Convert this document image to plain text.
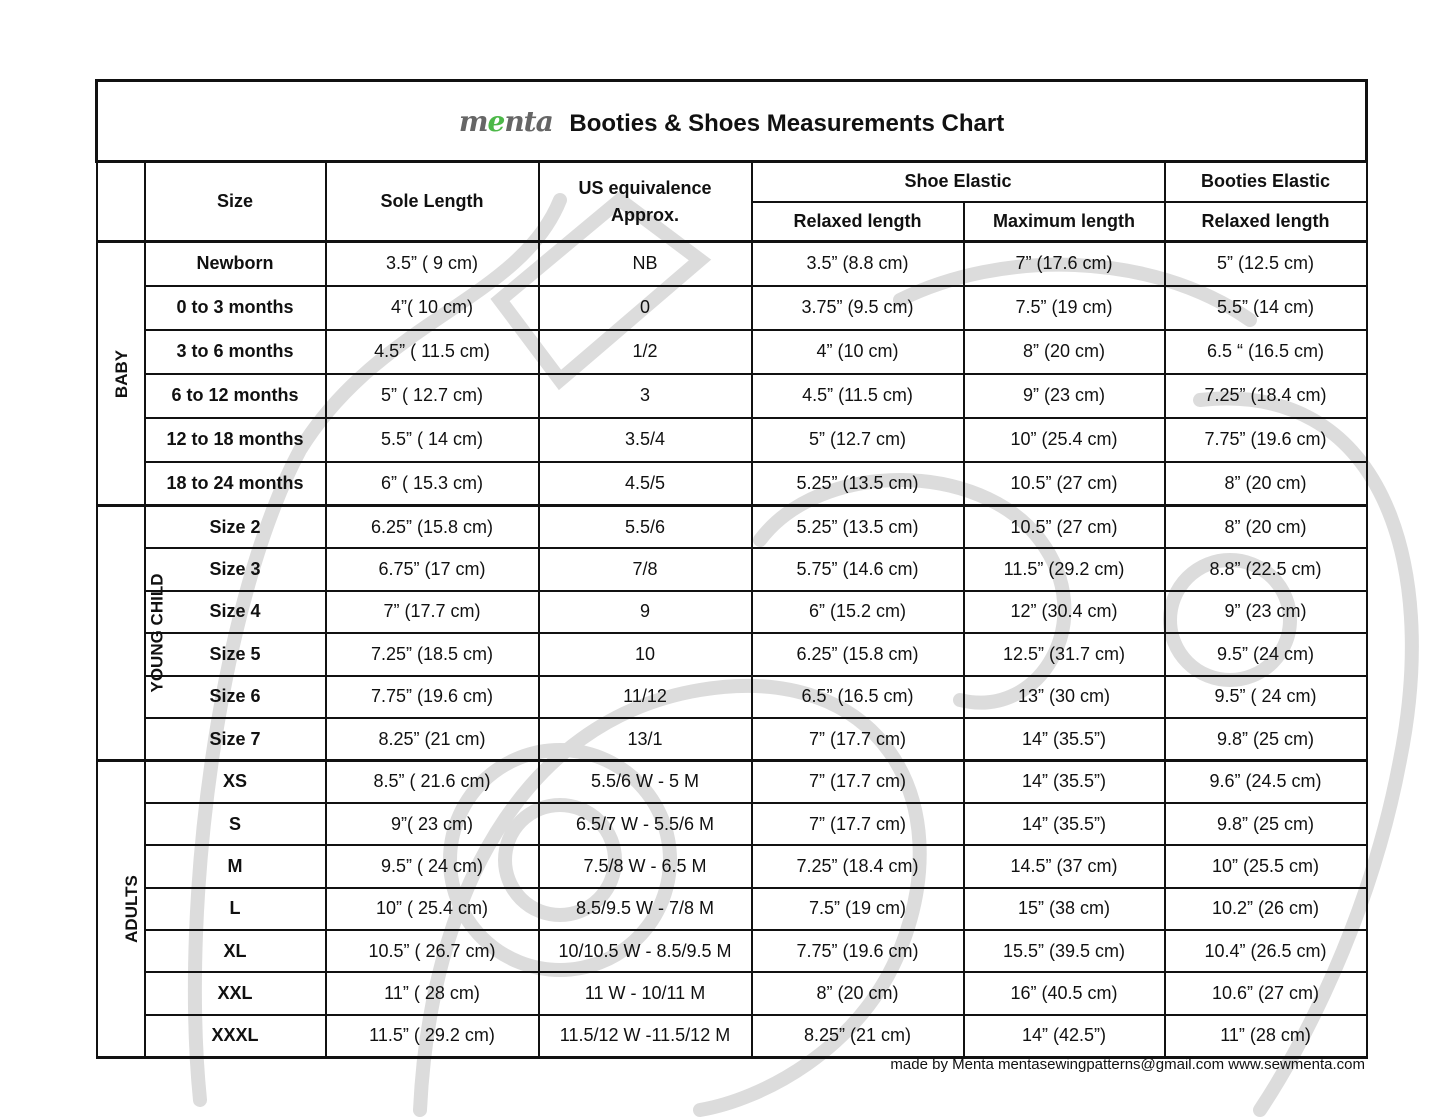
menta Booties & Shoes Measurements Chart						
	Size	Sole Length	US equivalence Approx.	Shoe Elastic		Booties Elastic
				Relaxed length	Maximum length	Relaxed length
BABY	Newborn	3.5” ( 9 cm)	NB	3.5” (8.8 cm)	7” (17.6 cm)	5” (12.5 cm)
	0 to 3 months	4”( 10 cm)	0	3.75” (9.5 cm)	7.5” (19 cm)	5.5” (14 cm)
	3 to 6 months	4.5” ( 11.5 cm)	1/2	4” (10 cm)	8” (20 cm)	6.5 “ (16.5 cm)
	6 to 12 months	5” ( 12.7 cm)	3	4.5” (11.5 cm)	9” (23 cm)	7.25” (18.4 cm)
	12 to 18 months	5.5” ( 14 cm)	3.5/4	5” (12.7 cm)	10” (25.4 cm)	7.75” (19.6 cm)
	18 to 24 months	6” ( 15.3 cm)	4.5/5	5.25” (13.5 cm)	10.5” (27 cm)	8” (20 cm)
YOUNG CHILD	Size 2	6.25” (15.8 cm)	5.5/6	5.25” (13.5 cm)	10.5” (27 cm)	8” (20 cm)
	Size 3	6.75” (17 cm)	7/8	5.75” (14.6 cm)	11.5” (29.2 cm)	8.8” (22.5 cm)
	Size 4	7” (17.7 cm)	9	6” (15.2 cm)	12” (30.4 cm)	9” (23 cm)
	Size 5	7.25” (18.5 cm)	10	6.25” (15.8 cm)	12.5” (31.7 cm)	9.5” (24 cm)
	Size 6	7.75” (19.6 cm)	11/12	6.5” (16.5 cm)	13” (30 cm)	9.5” ( 24 cm)
	Size 7	8.25” (21 cm)	13/1	7” (17.7 cm)	14” (35.5”)	9.8” (25 cm)
ADULTS	XS	8.5” ( 21.6 cm)	5.5/6 W - 5 M	7” (17.7 cm)	14” (35.5”)	9.6” (24.5 cm)
	S	9”( 23 cm)	6.5/7 W - 5.5/6 M	7” (17.7 cm)	14” (35.5”)	9.8” (25 cm)
	M	9.5” ( 24 cm)	7.5/8 W - 6.5 M	7.25” (18.4 cm)	14.5” (37 cm)	10” (25.5 cm)
	L	10” ( 25.4 cm)	8.5/9.5 W - 7/8 M	7.5” (19 cm)	15” (38 cm)	10.2” (26 cm)
	XL	10.5” ( 26.7 cm)	10/10.5 W - 8.5/9.5 M	7.75” (19.6 cm)	15.5” (39.5 cm)	10.4” (26.5 cm)
	XXL	11” ( 28 cm)	11 W - 10/11 M	8” (20 cm)	16” (40.5 cm)	10.6” (27 cm)
	XXXL	11.5” ( 29.2 cm)	11.5/12 W -11.5/12 M	8.25” (21 cm)	14” (42.5”)	11” (28 cm)
made by Menta mentasewingpatterns@gmail.com www.sewmenta.com
